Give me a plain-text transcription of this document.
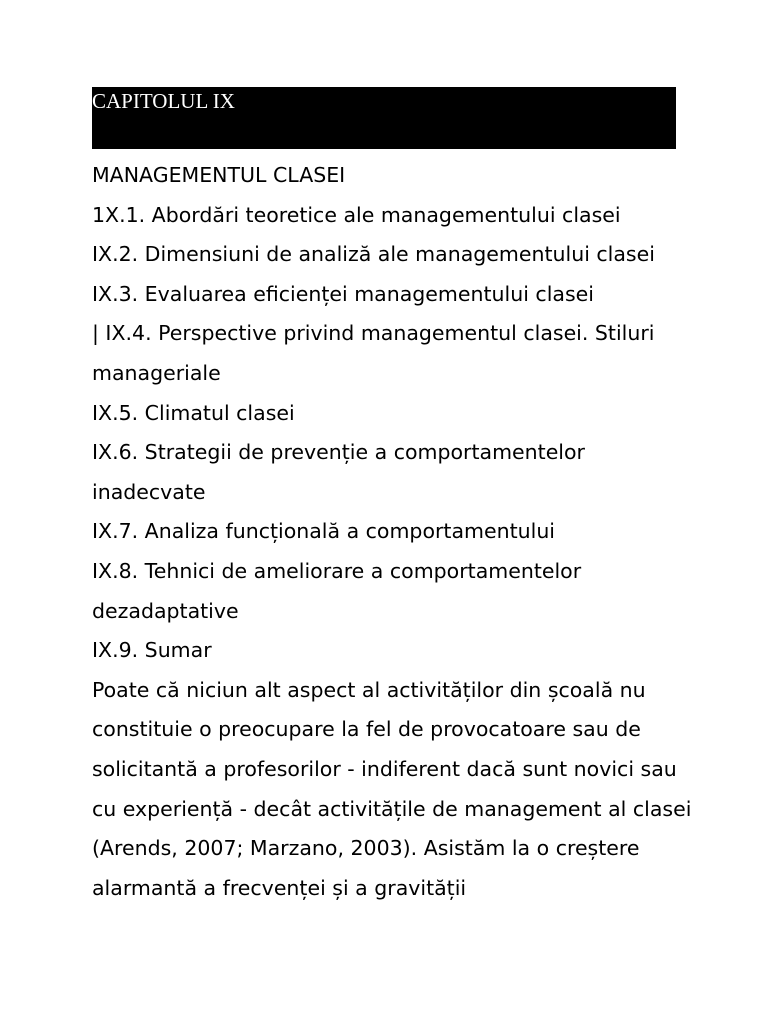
CAPITOLUL IX

MANAGEMENTUL CLASEI

1X.1. Abordări teoretice ale managementului clasei

IX.2. Dimensiuni de analiză ale managementului clasei

IX.3. Evaluarea eficienței managementului clasei

| IX.4. Perspective privind managementul clasei. Stiluri manageriale

IX.5. Climatul clasei

IX.6. Strategii de prevenție a comportamentelor inadecvate

IX.7. Analiza funcțională a comportamentului

IX.8. Tehnici de ameliorare a comportamentelor dezadaptative

IX.9. Sumar

Poate că niciun alt aspect al activităților din școală nu constituie o preocupare la fel de provocatoare sau de solicitantă a profesorilor - indiferent dacă sunt novici sau cu experiență - decât activitățile de management al clasei (Arends, 2007; Marzano, 2003). Asistăm la o creștere alarmantă a frecvenței și a gravității
